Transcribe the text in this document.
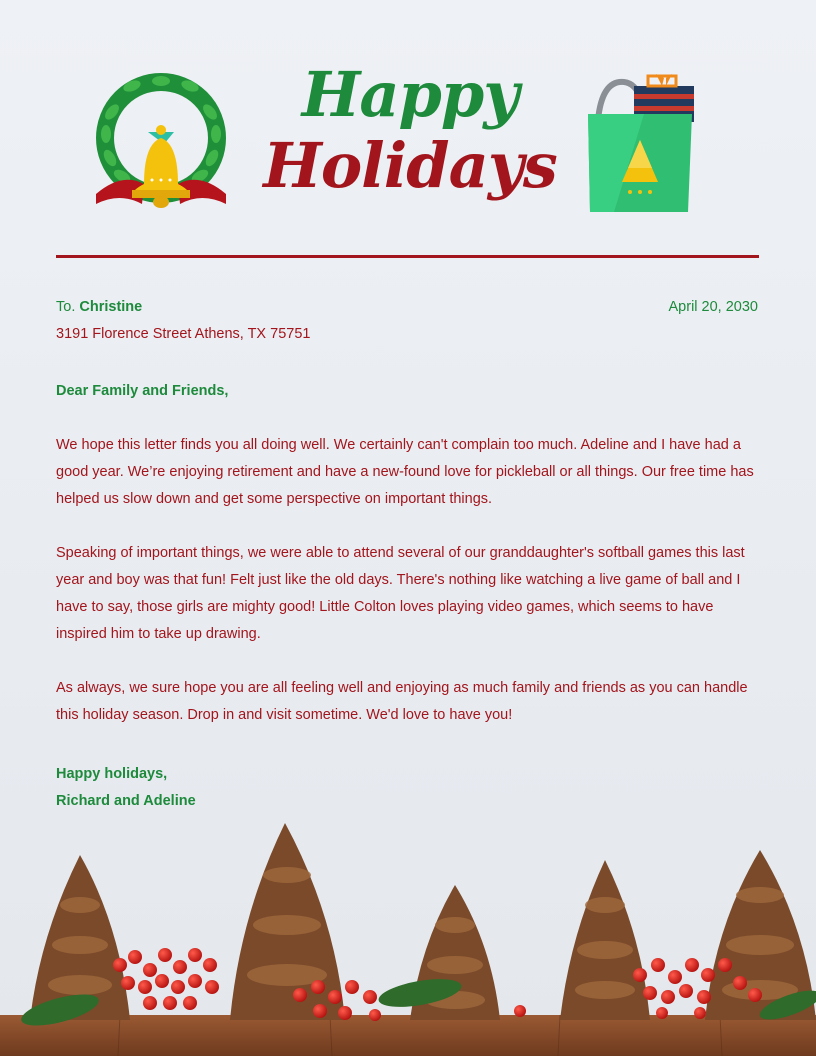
Happy
Holidays
To. Christine	April 20, 2030
3191 Florence Street Athens, TX 75751
Dear Family and Friends,
We hope this letter finds you all doing well. We certainly can't complain too much. Adeline and I have had a good year. We’re enjoying retirement and have a new-found love for pickleball or all things. Our free time has helped us slow down and get some perspective on important things.
Speaking of important things, we were able to attend several of our granddaughter's softball games this last year and boy was that fun! Felt just like the old days. There's nothing like watching a live game of ball and I have to say, those girls are mighty good! Little Colton loves playing video games, which seems to have inspired him to take up drawing.
As always, we sure hope you are all feeling well and enjoying as much family and friends as you can handle this holiday season. Drop in and visit sometime. We'd love to have you!
Happy holidays,
Richard and Adeline
